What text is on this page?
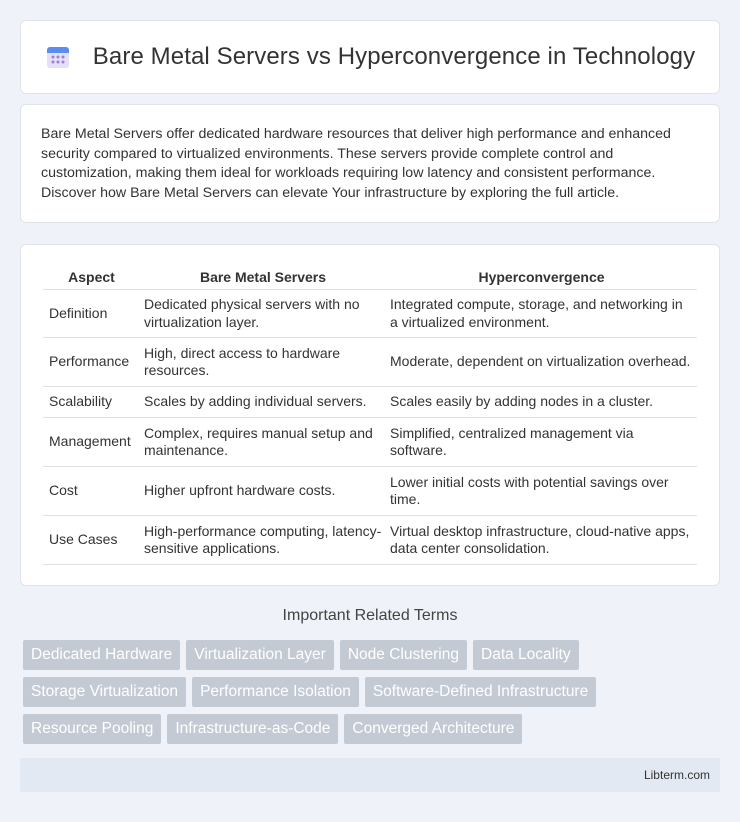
Bare Metal Servers vs Hyperconvergence in Technology

Bare Metal Servers offer dedicated hardware resources that deliver high performance and enhanced security compared to virtualized environments. These servers provide complete control and customization, making them ideal for workloads requiring low latency and consistent performance. Discover how Bare Metal Servers can elevate Your infrastructure by exploring the full article.

Aspect	Bare Metal Servers	Hyperconvergence
Definition	Dedicated physical servers with no virtualization layer.	Integrated compute, storage, and networking in a virtualized environment.
Performance	High, direct access to hardware resources.	Moderate, dependent on virtualization overhead.
Scalability	Scales by adding individual servers.	Scales easily by adding nodes in a cluster.
Management	Complex, requires manual setup and maintenance.	Simplified, centralized management via software.
Cost	Higher upfront hardware costs.	Lower initial costs with potential savings over time.
Use Cases	High-performance computing, latency-sensitive applications.	Virtual desktop infrastructure, cloud-native apps, data center consolidation.
Important Related Terms
Dedicated Hardware	Virtualization Layer	Node Clustering	Data Locality
Storage Virtualization	Performance Isolation	Software-Defined Infrastructure
Resource Pooling	Infrastructure-as-Code	Converged Architecture
Libterm.com
